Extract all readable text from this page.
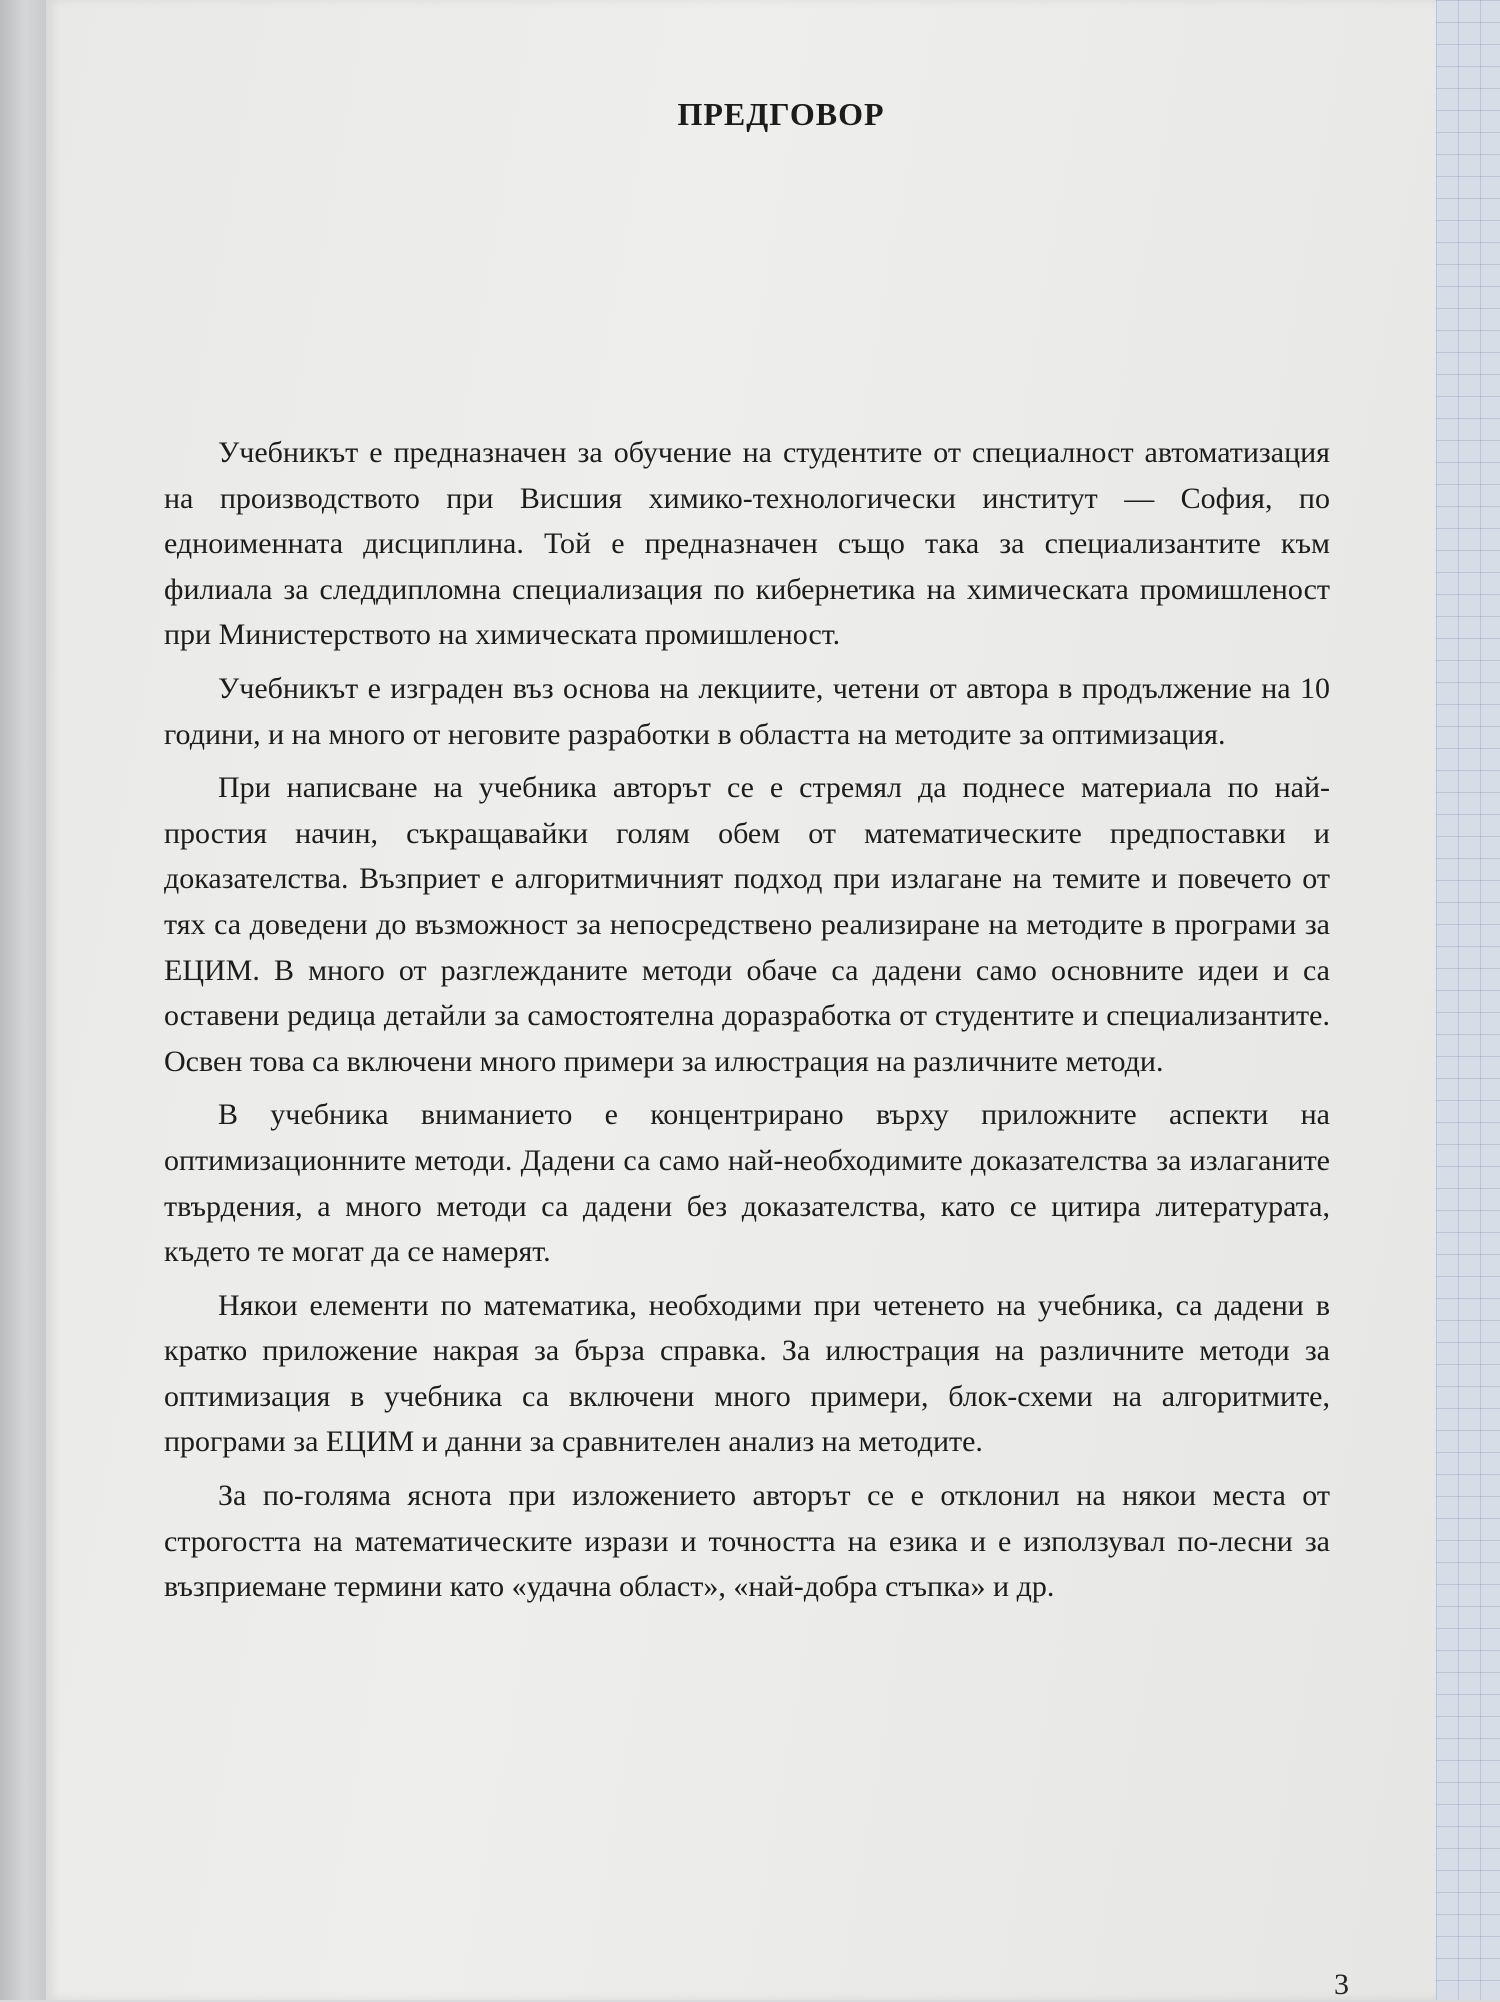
ПРЕДГОВОР

Учебникът е предназначен за обучение на студентите от специалност автоматизация на производството при Висшия химико-технологически институт — София, по едноименната дисциплина. Той е предназначен също така за специализантите към филиала за следдипломна специализация по кибернетика на химическата промишленост при Министерството на химическата промишленост.

Учебникът е изграден въз основа на лекциите, четени от автора в продължение на 10 години, и на много от неговите разработки в областта на методите за оптимизация.

При написване на учебника авторът се е стремял да поднесе материала по най-простия начин, съкращавайки голям обем от математическите предпоставки и доказателства. Възприет е алгоритмичният подход при излагане на темите и повечето от тях са доведени до възможност за непосредствено реализиране на методите в програми за ЕЦИМ. В много от разглежданите методи обаче са дадени само основните идеи и са оставени редица детайли за самостоятелна доразработка от студентите и специализантите. Освен това са включени много примери за илюстрация на различните методи.

В учебника вниманието е концентрирано върху приложните аспекти на оптимизационните методи. Дадени са само най-необходимите доказателства за излаганите твърдения, а много методи са дадени без доказателства, като се цитира литературата, където те могат да се намерят.

Някои елементи по математика, необходими при четенето на учебника, са дадени в кратко приложение накрая за бърза справка. За илюстрация на различните методи за оптимизация в учебника са включени много примери, блок-схеми на алгоритмите, програми за ЕЦИМ и данни за сравнителен анализ на методите.

За по-голяма яснота при изложението авторът се е отклонил на някои места от строгостта на математическите изрази и точността на езика и е използувал по-лесни за възприемане термини като «удачна област», «най-добра стъпка» и др.

3
